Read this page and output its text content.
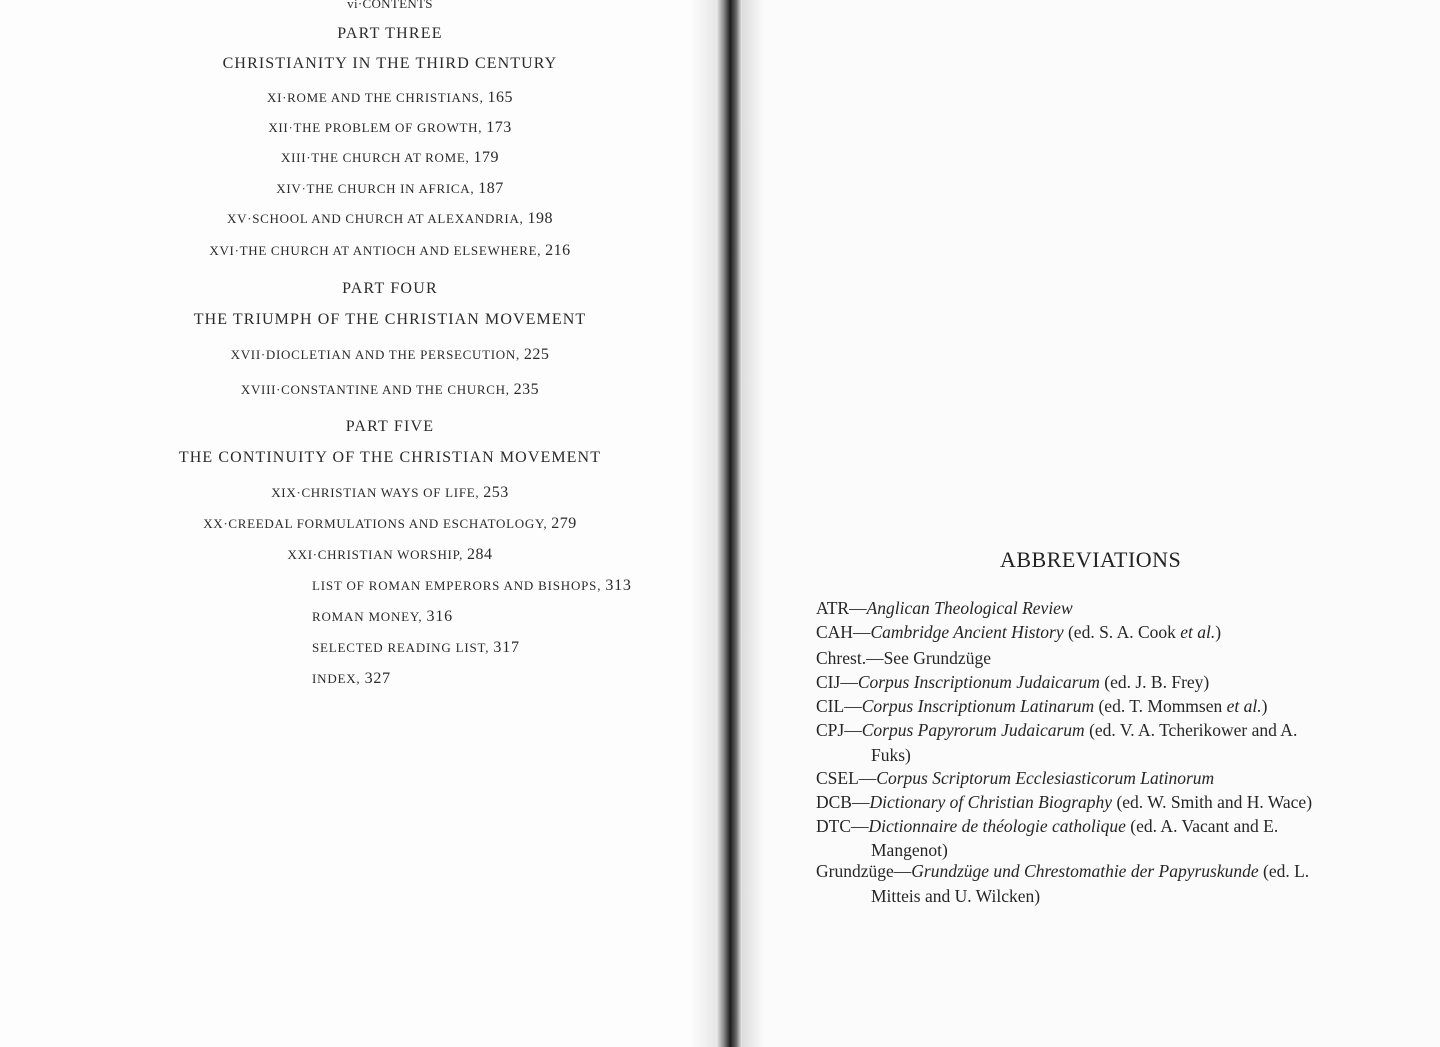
vi·CONTENTS
PART THREE
CHRISTIANITY IN THE THIRD CENTURY
XI·ROME AND THE CHRISTIANS, 165
XII·THE PROBLEM OF GROWTH, 173
XIII·THE CHURCH AT ROME, 179
XIV·THE CHURCH IN AFRICA, 187
XV·SCHOOL AND CHURCH AT ALEXANDRIA, 198
XVI·THE CHURCH AT ANTIOCH AND ELSEWHERE, 216
PART FOUR
THE TRIUMPH OF THE CHRISTIAN MOVEMENT
XVII·DIOCLETIAN AND THE PERSECUTION, 225
XVIII·CONSTANTINE AND THE CHURCH, 235
PART FIVE
THE CONTINUITY OF THE CHRISTIAN MOVEMENT
XIX·CHRISTIAN WAYS OF LIFE, 253
XX·CREEDAL FORMULATIONS AND ESCHATOLOGY, 279
XXI·CHRISTIAN WORSHIP, 284
LIST OF ROMAN EMPERORS AND BISHOPS, 313
ROMAN MONEY, 316
SELECTED READING LIST, 317
INDEX, 327
ABBREVIATIONS
ATR—Anglican Theological Review
CAH—Cambridge Ancient History (ed. S. A. Cook et al.)
Chrest.—See Grundzüge
CIJ—Corpus Inscriptionum Judaicarum (ed. J. B. Frey)
CIL—Corpus Inscriptionum Latinarum (ed. T. Mommsen et al.)
CPJ—Corpus Papyrorum Judaicarum (ed. V. A. Tcherikower and A.
Fuks)
CSEL—Corpus Scriptorum Ecclesiasticorum Latinorum
DCB—Dictionary of Christian Biography (ed. W. Smith and H. Wace)
DTC—Dictionnaire de théologie catholique (ed. A. Vacant and E.
Mangenot)
Grundzüge—Grundzüge und Chrestomathie der Papyruskunde (ed. L.
Mitteis and U. Wilcken)
